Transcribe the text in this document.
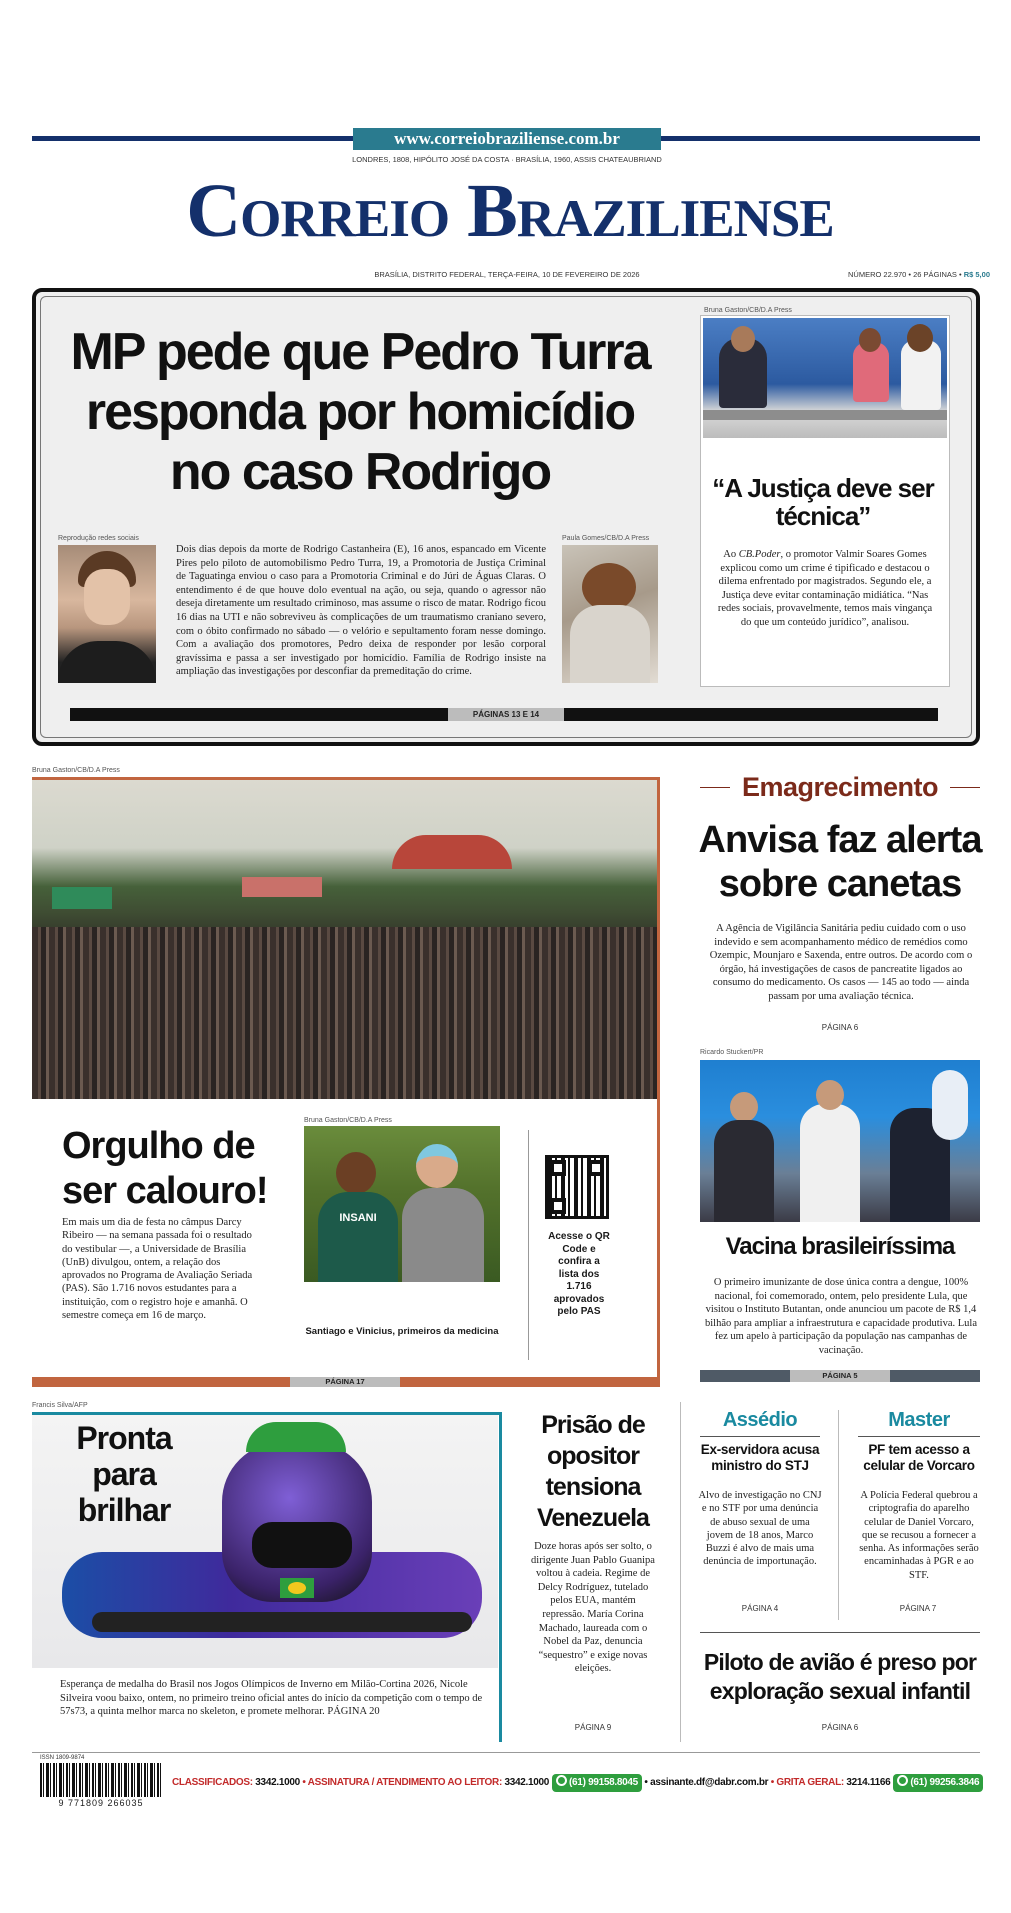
www.correiobraziliense.com.br
LONDRES, 1808, HIPÓLITO JOSÉ DA COSTA · BRASÍLIA, 1960, ASSIS CHATEAUBRIAND
Correio Braziliense
BRASÍLIA, DISTRITO FEDERAL, TERÇA-FEIRA, 10 DE FEVEREIRO DE 2026	NÚMERO 22.970 • 26 PÁGINAS • R$ 5,00
MP pede que Pedro Turra responda por homicídio no caso Rodrigo
Reprodução redes sociais
Dois dias depois da morte de Rodrigo Castanheira (E), 16 anos, espancado em Vicente Pires pelo piloto de automobilismo Pedro Turra, 19, a Promotoria de Justiça Criminal de Taguatinga enviou o caso para a Promotoria Criminal e do Júri de Águas Claras. O entendimento é de que houve dolo eventual na ação, ou seja, quando o agressor não deseja diretamente um resultado criminoso, mas assume o risco de matar. Rodrigo ficou 16 dias na UTI e não sobreviveu às complicações de um traumatismo craniano severo, com o óbito confirmado no sábado — o velório e sepultamento foram nesse domingo. Com a avaliação dos promotores, Pedro deixa de responder por lesão corporal gravíssima e passa a ser investigado por homicídio. Família de Rodrigo insiste na ampliação das investigações por desconfiar da premeditação do crime.
Paula Gomes/CB/D.A Press
Bruna Gaston/CB/D.A Press
“A Justiça deve ser técnica”
Ao CB.Poder, o promotor Valmir Soares Gomes explicou como um crime é tipificado e destacou o dilema enfrentado por magistrados. Segundo ele, a Justiça deve evitar contaminação midiática. “Nas redes sociais, provavelmente, temos mais vingança do que um conteúdo jurídico”, analisou.
PÁGINAS 13 E 14
Bruna Gaston/CB/D.A Press
PÁGINA 17
Orgulho de ser calouro!
Em mais um dia de festa no câmpus Darcy Ribeiro — na semana passada foi o resultado do vestibular —, a Universidade de Brasília (UnB) divulgou, ontem, a relação dos aprovados no Programa de Avaliação Seriada (PAS). São 1.716 novos estudantes para a instituição, com o registro hoje e amanhã. O semestre começa em 16 de março.
Bruna Gaston/CB/D.A Press
INSANI
Santiago e Vinicius, primeiros da medicina
Acesse o QR Code e confira a lista dos 1.716 aprovados pelo PAS
Emagrecimento
Anvisa faz alerta sobre canetas
A Agência de Vigilância Sanitária pediu cuidado com o uso indevido e sem acompanhamento médico de remédios como Ozempic, Mounjaro e Saxenda, entre outros. De acordo com o órgão, há investigações de casos de pancreatite ligados ao consumo do medicamento. Os casos — 145 ao todo — ainda passam por uma avaliação técnica.
PÁGINA 6
Ricardo Stuckert/PR
Vacina brasileiríssima
O primeiro imunizante de dose única contra a dengue, 100% nacional, foi comemorado, ontem, pelo presidente Lula, que visitou o Instituto Butantan, onde anunciou um pacote de R$ 1,4 bilhão para ampliar a infraestrutura e capacidade produtiva. Lula fez um apelo à participação da população nas campanhas de vacinação.
PÁGINA 5
Francis Silva/AFP
Pronta para brilhar
Esperança de medalha do Brasil nos Jogos Olímpicos de Inverno em Milão-Cortina 2026, Nicole Silveira voou baixo, ontem, no primeiro treino oficial antes do início da competição com o tempo de 57s73, a quinta melhor marca no skeleton, e promete melhorar. PÁGINA 20
Prisão de opositor tensiona Venezuela
Doze horas após ser solto, o dirigente Juan Pablo Guanipa voltou à cadeia. Regime de Delcy Rodríguez, tutelado pelos EUA, mantém repressão. María Corina Machado, laureada com o Nobel da Paz, denuncia “sequestro” e exige novas eleições.
PÁGINA 9
Assédio
Ex-servidora acusa ministro do STJ
Alvo de investigação no CNJ e no STF por uma denúncia de abuso sexual de uma jovem de 18 anos, Marco Buzzi é alvo de mais uma denúncia de importunação.
PÁGINA 4
Master
PF tem acesso a celular de Vorcaro
A Polícia Federal quebrou a criptografia do aparelho celular de Daniel Vorcaro, que se recusou a fornecer a senha. As informações serão encaminhadas à PGR e ao STF.
PÁGINA 7
Piloto de avião é preso por exploração sexual infantil
PÁGINA 6
ISSN 1809-9874
9 771809 266035
CLASSIFICADOS: 3342.1000 • ASSINATURA / ATENDIMENTO AO LEITOR: 3342.1000 (61) 99158.8045 • assinante.df@dabr.com.br • GRITA GERAL: 3214.1166 (61) 99256.3846
